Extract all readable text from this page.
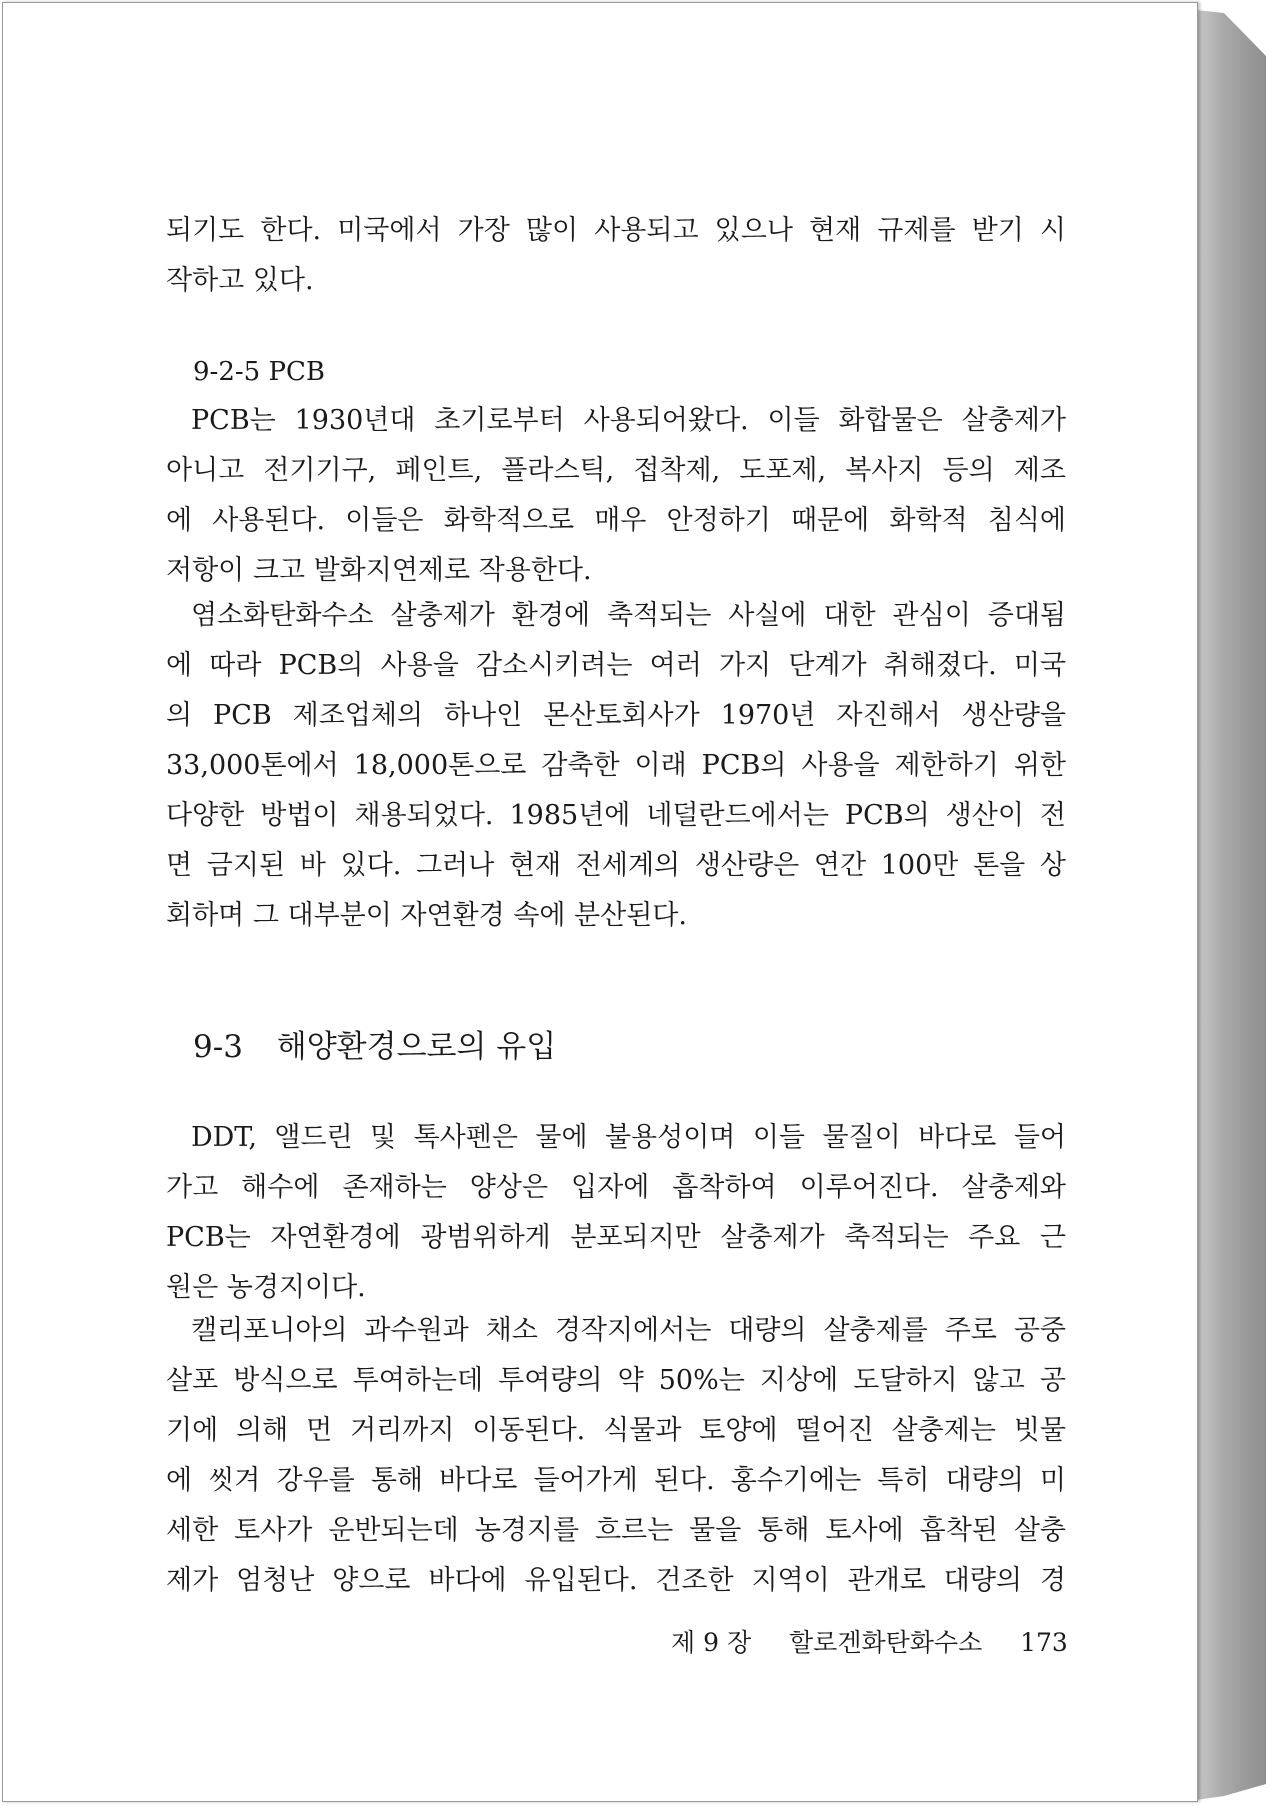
되기도 한다. 미국에서 가장 많이 사용되고 있으나 현재 규제를 받기 시
작하고 있다.
9-2-5 PCB
PCB는 1930년대 초기로부터 사용되어왔다. 이들 화합물은 살충제가
아니고 전기기구, 페인트, 플라스틱, 접착제, 도포제, 복사지 등의 제조
에 사용된다. 이들은 화학적으로 매우 안정하기 때문에 화학적 침식에
저항이 크고 발화지연제로 작용한다.
염소화탄화수소 살충제가 환경에 축적되는 사실에 대한 관심이 증대됨
에 따라 PCB의 사용을 감소시키려는 여러 가지 단계가 취해졌다. 미국
의 PCB 제조업체의 하나인 몬산토회사가 1970년 자진해서 생산량을
33,000톤에서 18,000톤으로 감축한 이래 PCB의 사용을 제한하기 위한
다양한 방법이 채용되었다. 1985년에 네덜란드에서는 PCB의 생산이 전
면 금지된 바 있다. 그러나 현재 전세계의 생산량은 연간 100만 톤을 상
회하며 그 대부분이 자연환경 속에 분산된다.
9-3 해양환경으로의 유입
DDT, 앨드린 및 톡사펜은 물에 불용성이며 이들 물질이 바다로 들어
가고 해수에 존재하는 양상은 입자에 흡착하여 이루어진다. 살충제와
PCB는 자연환경에 광범위하게 분포되지만 살충제가 축적되는 주요 근
원은 농경지이다.
캘리포니아의 과수원과 채소 경작지에서는 대량의 살충제를 주로 공중
살포 방식으로 투여하는데 투여량의 약 50%는 지상에 도달하지 않고 공
기에 의해 먼 거리까지 이동된다. 식물과 토양에 떨어진 살충제는 빗물
에 씻겨 강우를 통해 바다로 들어가게 된다. 홍수기에는 특히 대량의 미
세한 토사가 운반되는데 농경지를 흐르는 물을 통해 토사에 흡착된 살충
제가 엄청난 양으로 바다에 유입된다. 건조한 지역이 관개로 대량의 경
제 9 장 할로겐화탄화수소 173
